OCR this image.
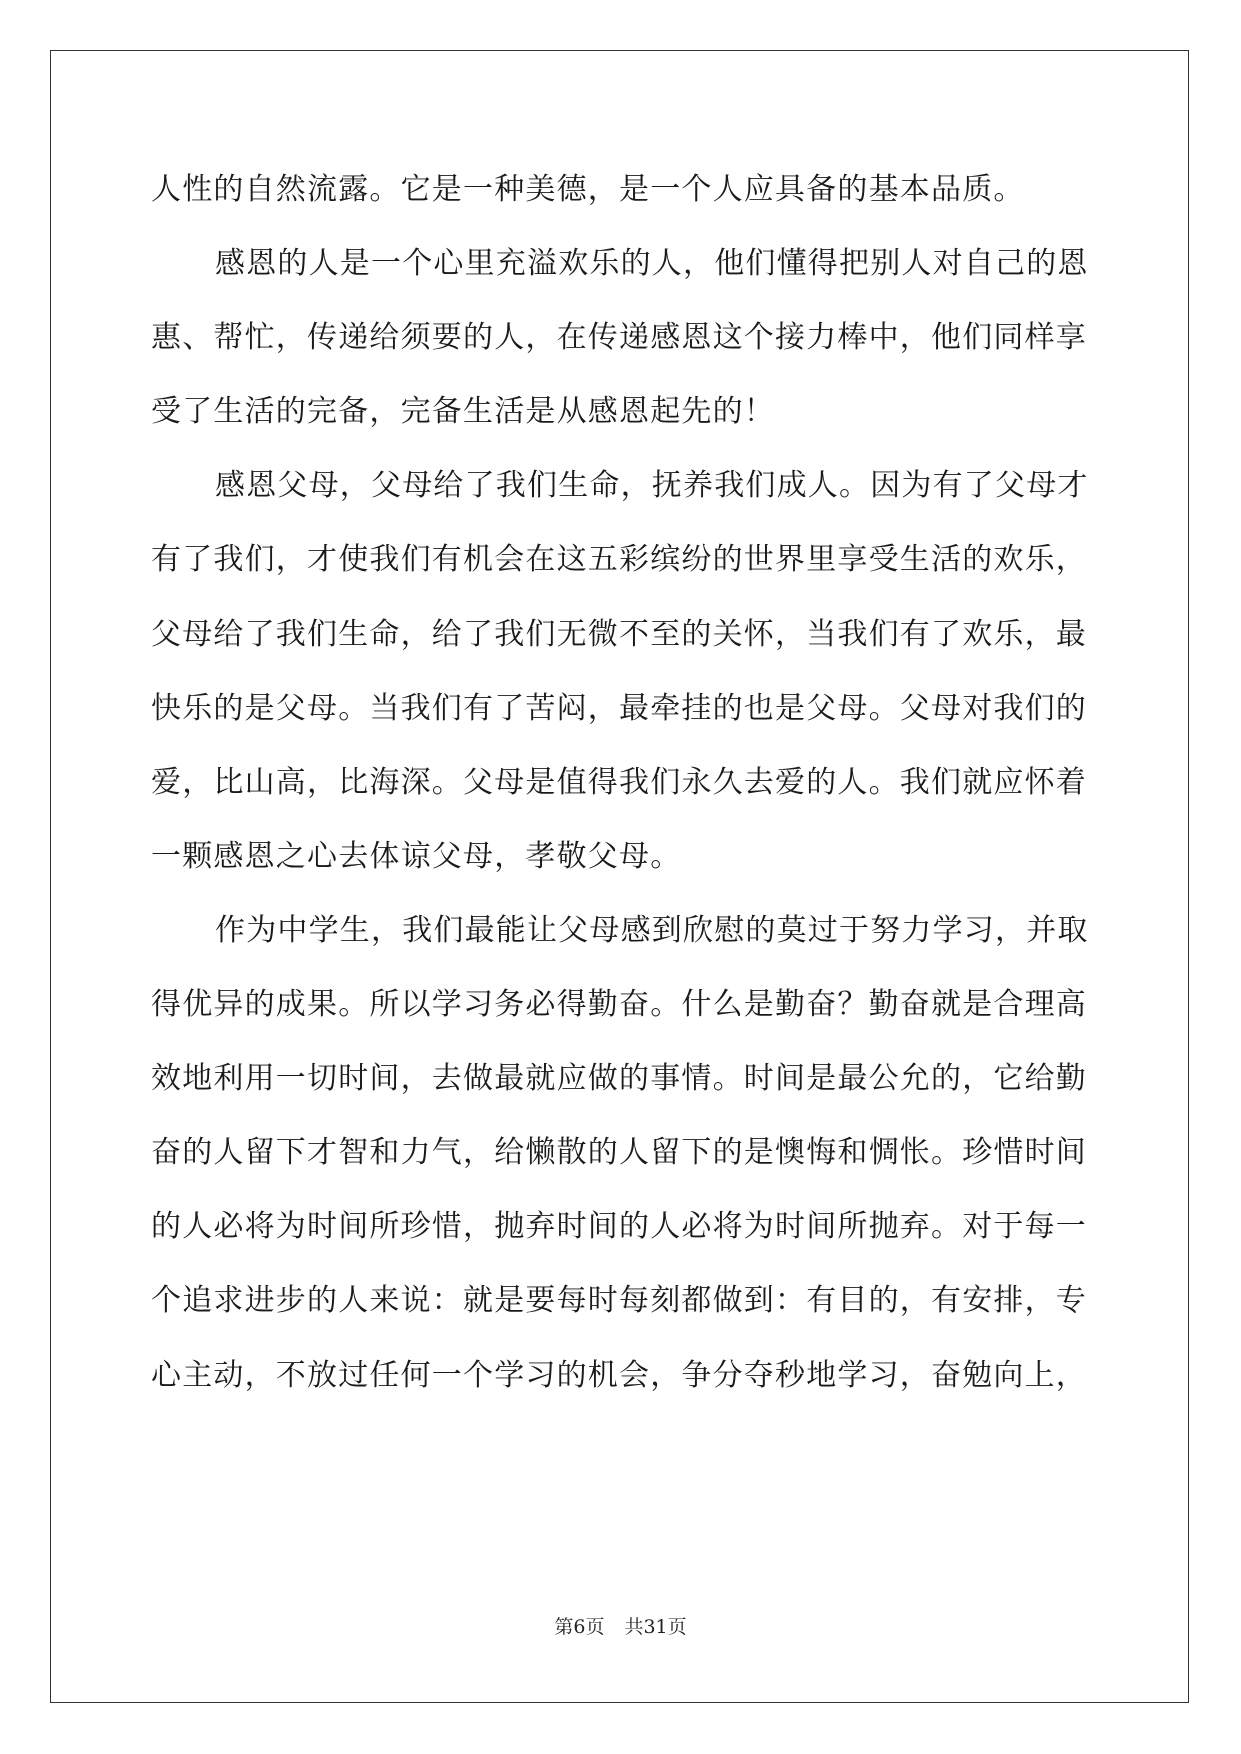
人性的自然流露。它是一种美德，是一个人应具备的基本品质。
感恩的人是一个心里充溢欢乐的人，他们懂得把别人对自己的恩
惠、帮忙，传递给须要的人，在传递感恩这个接力棒中，他们同样享
受了生活的完备，完备生活是从感恩起先的！
感恩父母，父母给了我们生命，抚养我们成人。因为有了父母才
有了我们，才使我们有机会在这五彩缤纷的世界里享受生活的欢乐，
父母给了我们生命，给了我们无微不至的关怀，当我们有了欢乐，最
快乐的是父母。当我们有了苦闷，最牵挂的也是父母。父母对我们的
爱，比山高，比海深。父母是值得我们永久去爱的人。我们就应怀着
一颗感恩之心去体谅父母，孝敬父母。
作为中学生，我们最能让父母感到欣慰的莫过于努力学习，并取
得优异的成果。所以学习务必得勤奋。什么是勤奋？勤奋就是合理高
效地利用一切时间，去做最就应做的事情。时间是最公允的，它给勤
奋的人留下才智和力气，给懒散的人留下的是懊悔和惆怅。珍惜时间
的人必将为时间所珍惜，抛弃时间的人必将为时间所抛弃。对于每一
个追求进步的人来说：就是要每时每刻都做到：有目的，有安排，专
心主动，不放过任何一个学习的机会，争分夺秒地学习，奋勉向上，
第6页 共31页
